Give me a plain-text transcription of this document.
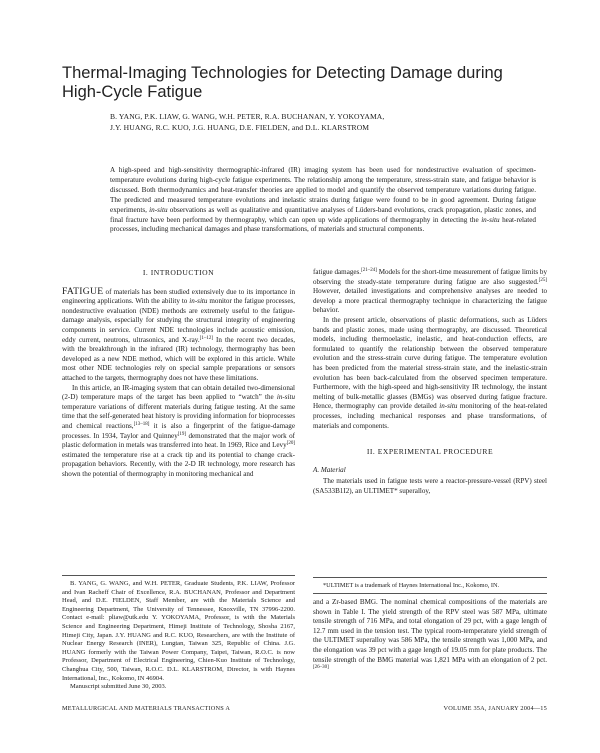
Thermal-Imaging Technologies for Detecting Damage during High-Cycle Fatigue
B. YANG, P.K. LIAW, G. WANG, W.H. PETER, R.A. BUCHANAN, Y. YOKOYAMA,
J.Y. HUANG, R.C. KUO, J.G. HUANG, D.E. FIELDEN, and D.L. KLARSTROM

A high-speed and high-sensitivity thermographic-infrared (IR) imaging system has been used for nondestructive evaluation of specimen-temperature evolutions during high-cycle fatigue experiments. The relationship among the temperature, stress-strain state, and fatigue behavior is discussed. Both thermodynamics and heat-transfer theories are applied to model and quantify the observed temperature variations during fatigue. The predicted and measured temperature evolutions and inelastic strains during fatigue were found to be in good agreement. During fatigue experiments, in-situ observations as well as qualitative and quantitative analyses of Lüders-band evolutions, crack propagation, plastic zones, and final fracture have been performed by thermography, which can open up wide applications of thermography in detecting the in-situ heat-related processes, including mechanical damages and phase transformations, of materials and structural components.

I. INTRODUCTION

FATIGUE of materials has been studied extensively due to its importance in engineering applications. With the ability to in-situ monitor the fatigue processes, nondestructive evaluation (NDE) methods are extremely useful to the fatigue-damage analysis, especially for studying the structural integrity of engineering components in service. Current NDE technologies include acoustic emission, eddy current, neutrons, ultrasonics, and X-ray.[1–12] In the recent two decades, with the breakthrough in the infrared (IR) technology, thermography has been developed as a new NDE method, which will be explored in this article. While most other NDE technologies rely on special sample preparations or sensors attached to the targets, thermography does not have these limitations.

In this article, an IR-imaging system that can obtain detailed two-dimensional (2-D) temperature maps of the target has been applied to “watch” the in-situ temperature variations of different materials during fatigue testing. At the same time that the self-generated heat history is providing information for bioprocesses and chemical reactions,[13–18] it is also a fingerprint of the fatigue-damage processes. In 1934, Taylor and Quinney[19] demonstrated that the major work of plastic deformation in metals was transferred into heat. In 1969, Rice and Levy[20] estimated the temperature rise at a crack tip and its potential to change crack-propagation behaviors. Recently, with the 2-D IR technology, more research has shown the potential of thermography in monitoring mechanical and

fatigue damages.[21–24] Models for the short-time measurement of fatigue limits by observing the steady-state temperature during fatigue are also suggested.[25] However, detailed investigations and comprehensive analyses are needed to develop a more practical thermography technique in characterizing the fatigue behavior.

In the present article, observations of plastic deformations, such as Lüders bands and plastic zones, made using thermography, are discussed. Theoretical models, including thermoelastic, inelastic, and heat-conduction effects, are formulated to quantify the relationship between the observed temperature evolution and the stress-strain curve during fatigue. The temperature evolution has been predicted from the material stress-strain state, and the inelastic-strain evolution has been back-calculated from the observed specimen temperature. Furthermore, with the high-speed and high-sensitivity IR technology, the instant melting of bulk-metallic glasses (BMGs) was observed during fatigue fracture. Hence, thermography can provide detailed in-situ monitoring of the heat-related processes, including mechanical responses and phase transformations, of materials and components.

II. EXPERIMENTAL PROCEDURE
A. Material

The materials used in fatigue tests were a reactor-pressure-vessel (RPV) steel (SA533B1I2), an ULTIMET* superalloy,

*ULTIMET is a trademark of Haynes International Inc., Kokomo, IN.

and a Zr-based BMG. The nominal chemical compositions of the materials are shown in Table I. The yield strength of the RPV steel was 587 MPa, ultimate tensile strength of 716 MPa, and total elongation of 29 pct, with a gage length of 12.7 mm used in the tension test. The typical room-temperature yield strength of the ULTIMET superalloy was 586 MPa, the tensile strength was 1,000 MPa, and the elongation was 39 pct with a gage length of 19.05 mm for plate products. The tensile strength of the BMG material was 1,821 MPa with an elongation of 2 pct.[26–30]

B. YANG, G. WANG, and W.H. PETER, Graduate Students, P.K. LIAW, Professor and Ivan Racheff Chair of Excellence, R.A. BUCHANAN, Professor and Department Head, and D.E. FIELDEN, Staff Member, are with the Materials Science and Engineering Department, The University of Tennessee, Knoxville, TN 37996-2200. Contact e-mail: pliaw@utk.edu Y. YOKOYAMA, Professor, is with the Materials Science and Engineering Department, Himeji Institute of Technology, Shosha 2167, Himeji City, Japan. J.Y. HUANG and R.C. KUO, Researchers, are with the Institute of Nuclear Energy Research (INER), Lungtan, Taiwan 325, Republic of China. J.G. HUANG formerly with the Taiwan Power Company, Taipei, Taiwan, R.O.C. is now Professor, Department of Electrical Engineering, Chien-Kuo Institute of Technology, Changhua City, 500, Taiwan, R.O.C. D.L. KLARSTROM, Director, is with Haynes International, Inc., Kokomo, IN 46904.

Manuscript submitted June 30, 2003.

METALLURGICAL AND MATERIALS TRANSACTIONS A	VOLUME 35A, JANUARY 2004—15
